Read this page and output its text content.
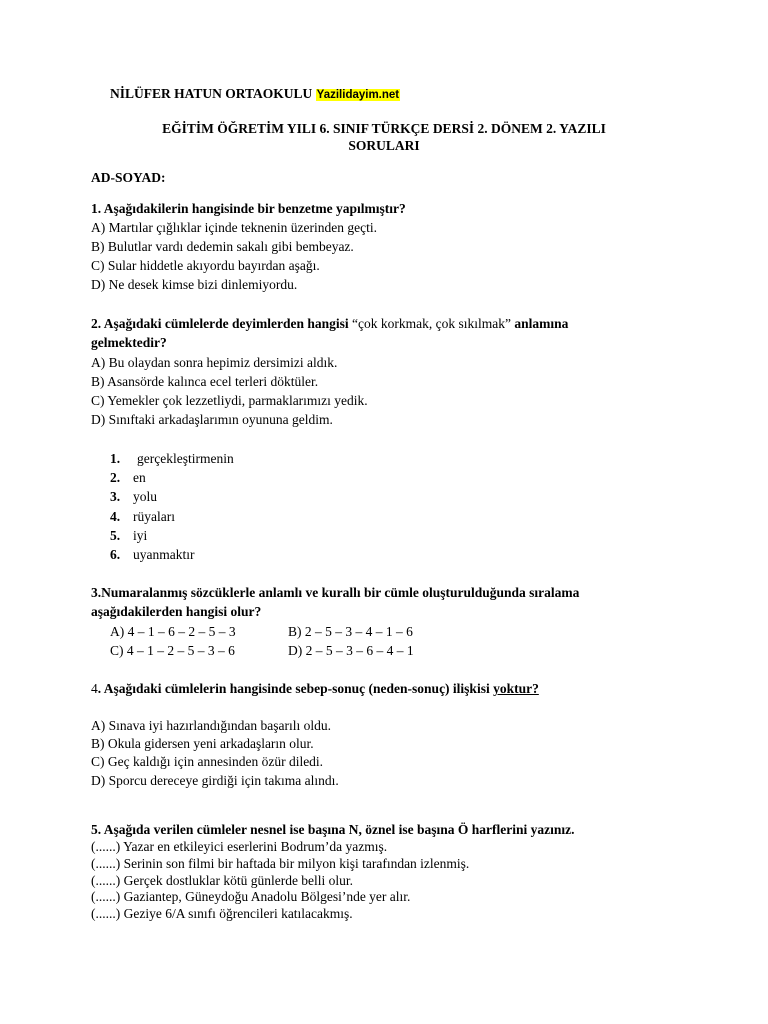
NİLÜFER HATUN ORTAOKULU Yazilidayim.net
EĞİTİM ÖĞRETİM YILI 6. SINIF TÜRKÇE DERSİ 2. DÖNEM 2. YAZILI
SORULARI
AD-SOYAD:
1. Aşağıdakilerin hangisinde bir benzetme yapılmıştır?
A) Martılar çığlıklar içinde teknenin üzerinden geçti.
B) Bulutlar vardı dedemin sakalı gibi bembeyaz.
C) Sular hiddetle akıyordu bayırdan aşağı.
D) Ne desek kimse bizi dinlemiyordu.
2. Aşağıdaki cümlelerde deyimlerden hangisi “çok korkmak, çok sıkılmak” anlamına
gelmektedir?
A) Bu olaydan sonra hepimiz dersimizi aldık.
B) Asansörde kalınca ecel terleri döktüler.
C) Yemekler çok lezzetliydi, parmaklarımızı yedik.
D) Sınıftaki arkadaşlarımın oyununa geldim.
1. gerçekleştirmenin
2. en
3. yolu
4. rüyaları
5. iyi
6. uyanmaktır
3.Numaralanmış sözcüklerle anlamlı ve kurallı bir cümle oluşturulduğunda sıralama
aşağıdakilerden hangisi olur?
A) 4 – 1 – 6 – 2 – 5 – 3	B) 2 – 5 – 3 – 4 – 1 – 6
C) 4 – 1 – 2 – 5 – 3 – 6	D) 2 – 5 – 3 – 6 – 4 – 1
4. Aşağıdaki cümlelerin hangisinde sebep-sonuç (neden-sonuç) ilişkisi yoktur?
A) Sınava iyi hazırlandığından başarılı oldu.
B) Okula gidersen yeni arkadaşların olur.
C) Geç kaldığı için annesinden özür diledi.
D) Sporcu dereceye girdiği için takıma alındı.
5. Aşağıda verilen cümleler nesnel ise başına N, öznel ise başına Ö harflerini yazınız.
(......) Yazar en etkileyici eserlerini Bodrum’da yazmış.
(......) Serinin son filmi bir haftada bir milyon kişi tarafından izlenmiş.
(......) Gerçek dostluklar kötü günlerde belli olur.
(......) Gaziantep, Güneydoğu Anadolu Bölgesi’nde yer alır.
(......) Geziye 6/A sınıfı öğrencileri katılacakmış.
